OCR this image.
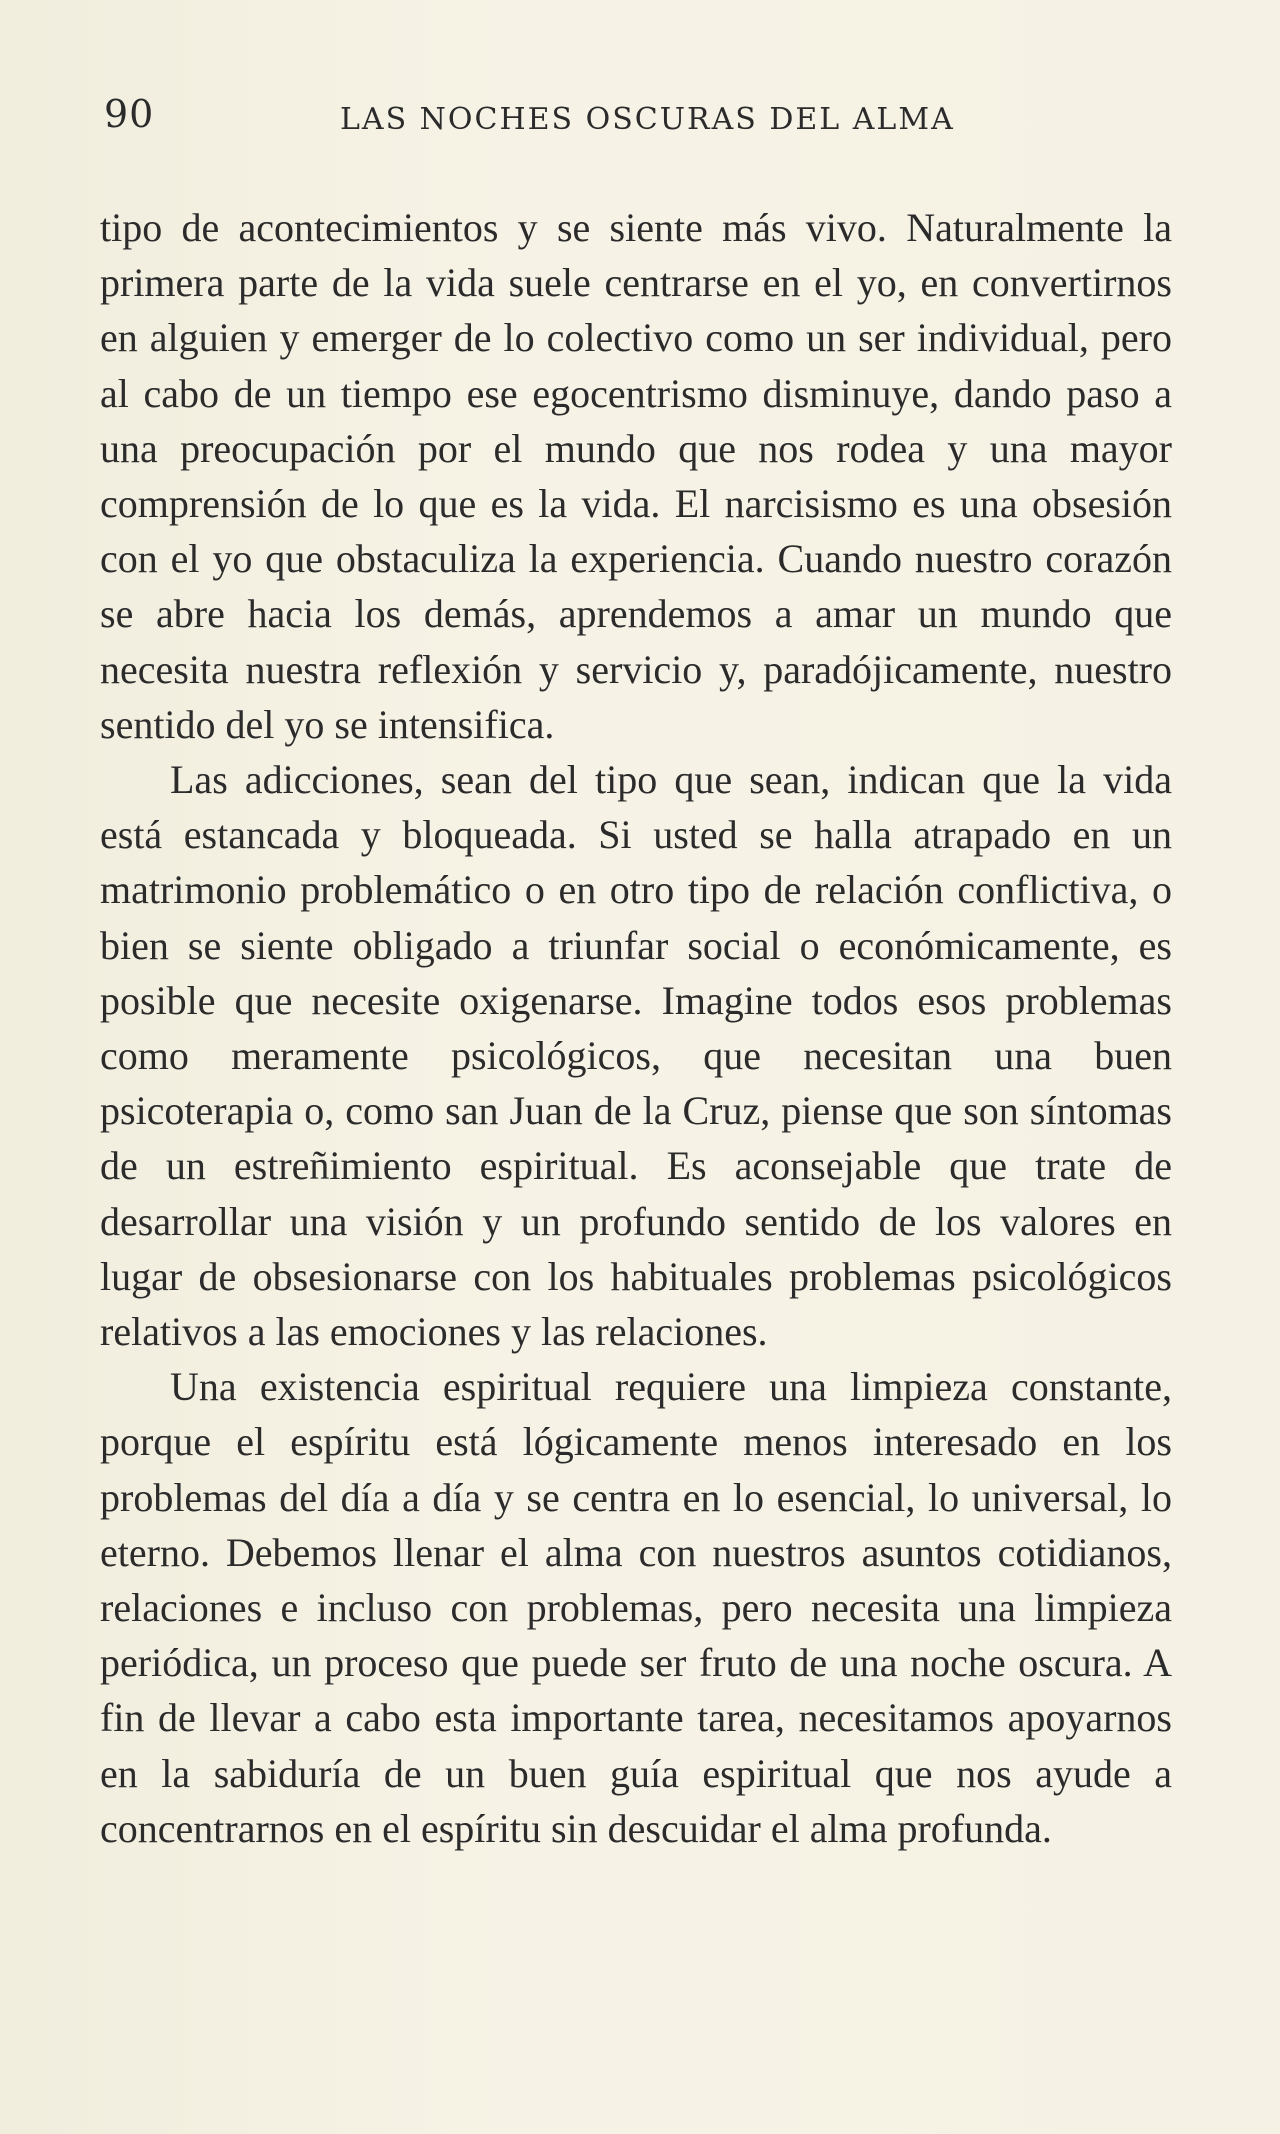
90	LAS NOCHES OSCURAS DEL ALMA

tipo de acontecimientos y se siente más vivo. Naturalmente la primera parte de la vida suele centrarse en el yo, en convertirnos en alguien y emerger de lo colectivo como un ser individual, pero al cabo de un tiempo ese egocentrismo disminuye, dando paso a una preocupación por el mundo que nos rodea y una mayor comprensión de lo que es la vida. El narcisismo es una obsesión con el yo que obstaculiza la experiencia. Cuando nuestro corazón se abre hacia los demás, aprendemos a amar un mundo que necesita nuestra reflexión y servicio y, paradójicamente, nuestro sentido del yo se intensifica.

Las adicciones, sean del tipo que sean, indican que la vida está estancada y bloqueada. Si usted se halla atrapado en un matrimonio problemático o en otro tipo de relación conflictiva, o bien se siente obligado a triunfar social o económicamente, es posible que necesite oxigenarse. Imagine todos esos problemas como meramente psicológicos, que necesitan una buen psicoterapia o, como san Juan de la Cruz, piense que son síntomas de un estreñimiento espiritual. Es aconsejable que trate de desarrollar una visión y un profundo sentido de los valores en lugar de obsesionarse con los habituales problemas psicológicos relativos a las emociones y las relaciones.

Una existencia espiritual requiere una limpieza constante, porque el espíritu está lógicamente menos interesado en los problemas del día a día y se centra en lo esencial, lo universal, lo eterno. Debemos llenar el alma con nuestros asuntos cotidianos, relaciones e incluso con problemas, pero necesita una limpieza periódica, un proceso que puede ser fruto de una noche oscura. A fin de llevar a cabo esta importante tarea, necesitamos apoyarnos en la sabiduría de un buen guía espiritual que nos ayude a concentrarnos en el espíritu sin descuidar el alma profunda.
